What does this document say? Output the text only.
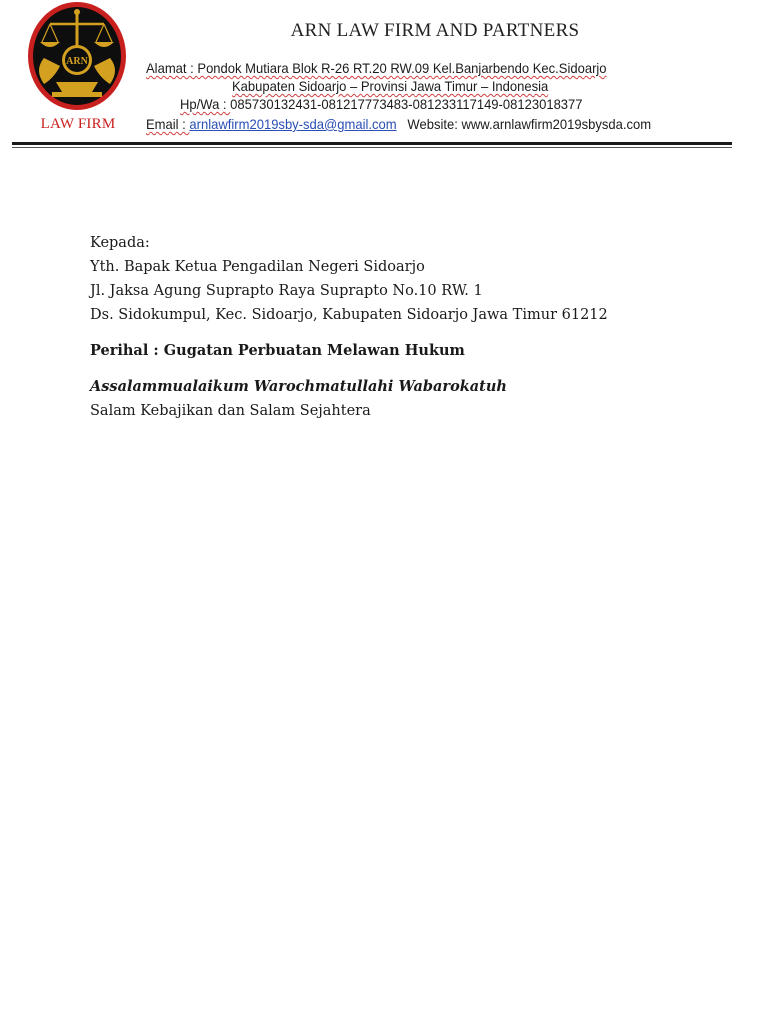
ARN
LAW FIRM
ARN LAW FIRM AND PARTNERS
Alamat : Pondok Mutiara Blok R-26 RT.20 RW.09 Kel.Banjarbendo Kec.Sidoarjo
Kabupaten Sidoarjo – Provinsi Jawa Timur – Indonesia
Hp/Wa : 085730132431-081217773483-081233117149-08123018377
Email : arnlawfirm2019sby-sda@gmail.com Website: www.arnlawfirm2019sbysda.com
Kepada:
Yth. Bapak Ketua Pengadilan Negeri Sidoarjo
Jl. Jaksa Agung Suprapto Raya Suprapto No.10 RW. 1
Ds. Sidokumpul, Kec. Sidoarjo, Kabupaten Sidoarjo Jawa Timur 61212
Perihal : Gugatan Perbuatan Melawan Hukum
Assalammualaikum Warochmatullahi Wabarokatuh
Salam Kebajikan dan Salam Sejahtera
